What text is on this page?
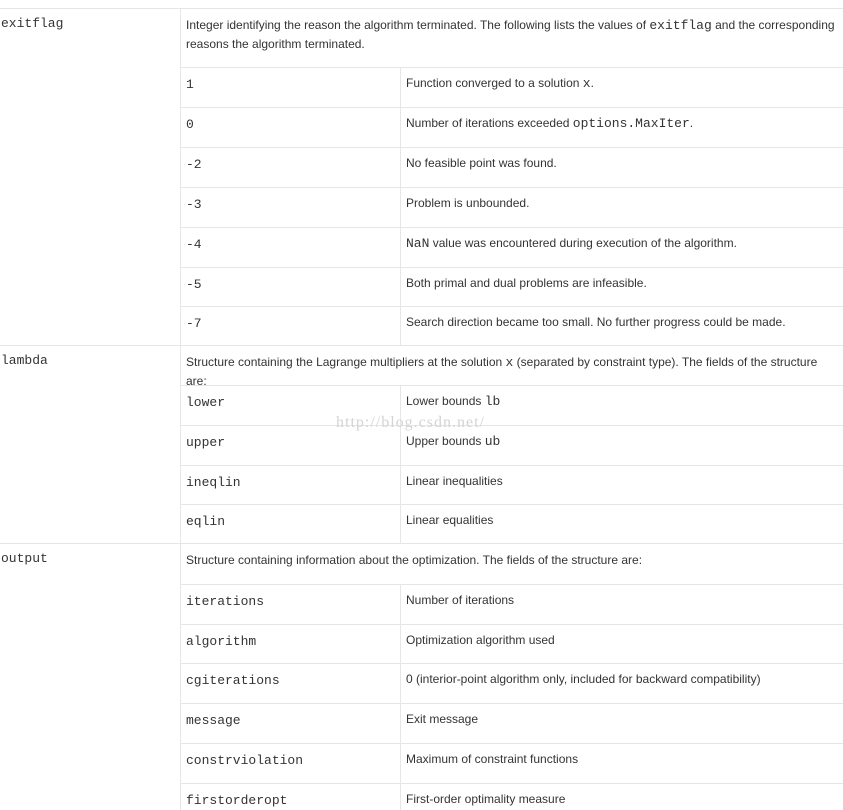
exitflag	Integer identifying the reason the algorithm terminated. The following lists the values of exitflag and the corresponding reasons the algorithm terminated.
1	Function converged to a solution x.
0	Number of iterations exceeded options.MaxIter.
-2	No feasible point was found.
-3	Problem is unbounded.
-4	NaN value was encountered during execution of the algorithm.
-5	Both primal and dual problems are infeasible.
-7	Search direction became too small. No further progress could be made.
lambda	Structure containing the Lagrange multipliers at the solution x (separated by constraint type). The fields of the structure are:
lower	Lower bounds lb
upper	Upper bounds ub
ineqlin	Linear inequalities
eqlin	Linear equalities
output	Structure containing information about the optimization. The fields of the structure are:
iterations	Number of iterations
algorithm	Optimization algorithm used
cgiterations	0 (interior-point algorithm only, included for backward compatibility)
message	Exit message
constrviolation	Maximum of constraint functions
firstorderopt	First-order optimality measure
http://blog.csdn.net/
